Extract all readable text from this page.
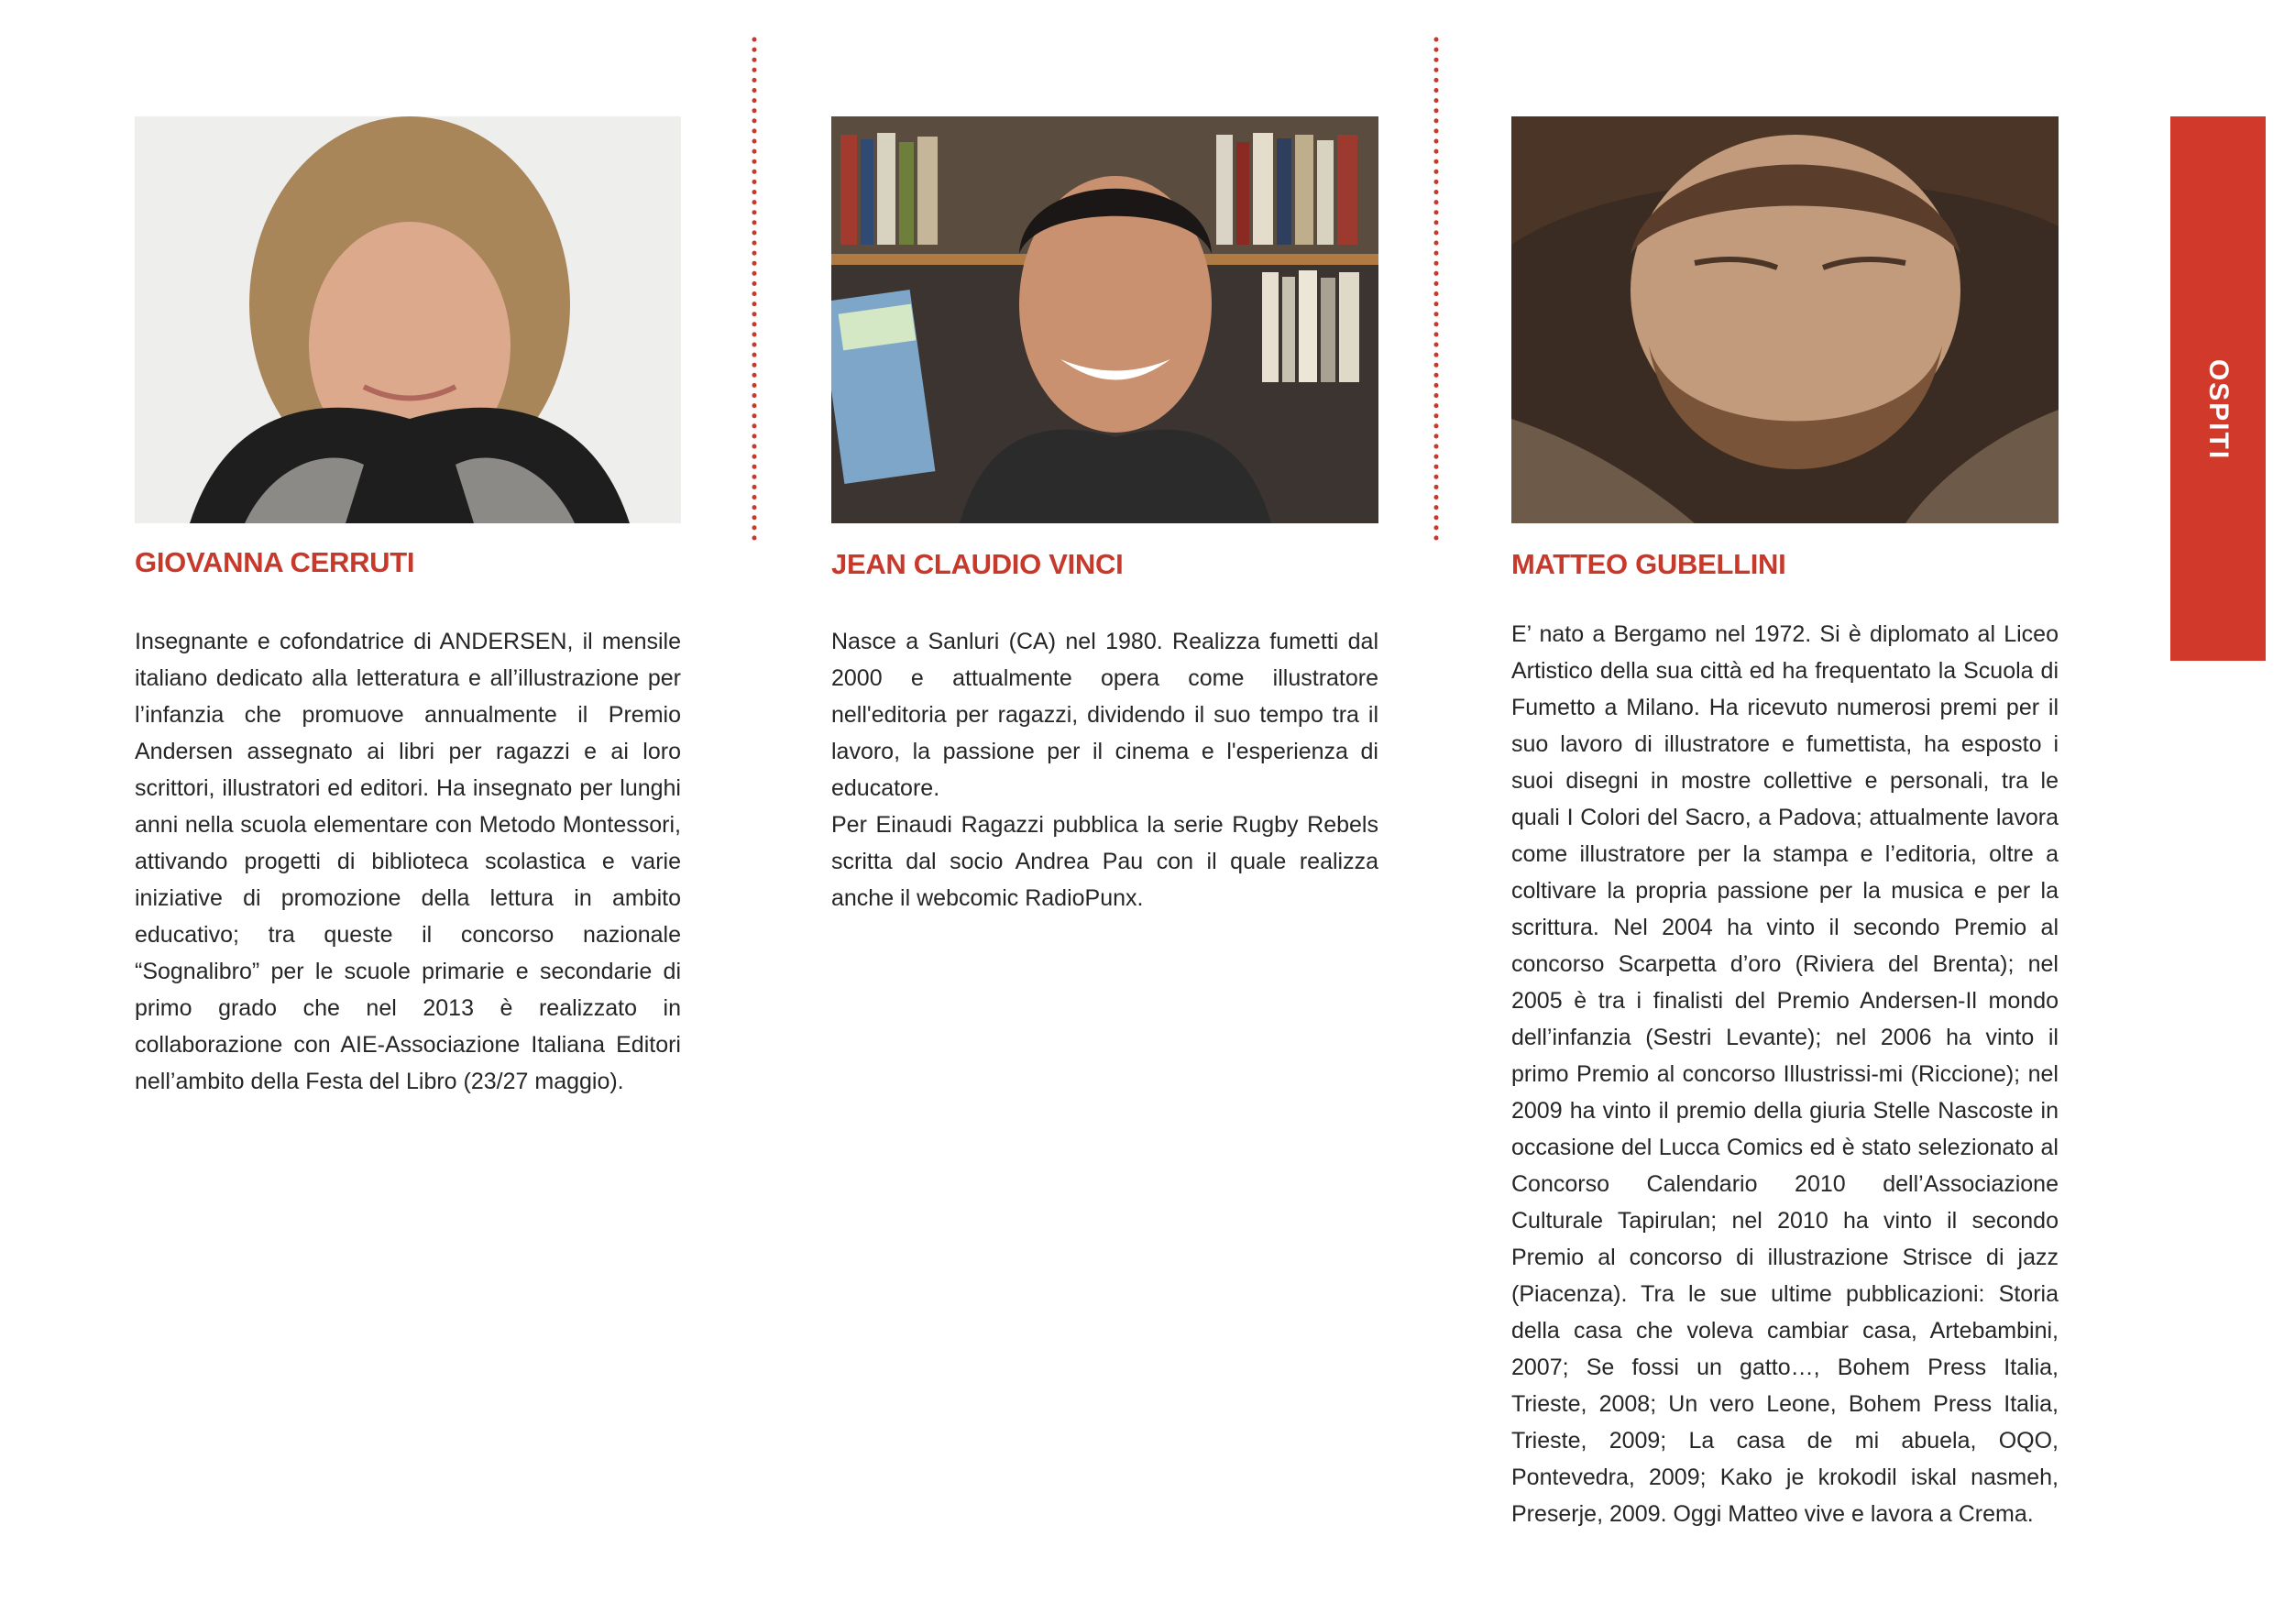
GIOVANNA CERRUTI

Insegnante e cofondatrice di ANDERSEN, il mensile italiano dedicato alla letteratura e all’illustrazione per l’infanzia che promuove annualmente il Premio Andersen assegnato ai libri per ragazzi e ai loro scrittori, illustratori ed editori. Ha insegnato per lunghi anni nella scuola elementare con Metodo Montessori, attivando progetti di biblioteca scolastica e varie iniziative di promozione della lettura in ambito educativo; tra queste il concorso nazionale “Sognalibro” per le scuole primarie e secondarie di primo grado che nel 2013 è realizzato in collaborazione con AIE-Associazione Italiana Editori nell’ambito della Festa del Libro (23/27 maggio).

JEAN CLAUDIO VINCI

Nasce a Sanluri (CA) nel 1980. Realizza fumetti dal 2000 e attualmente opera come illustratore nell'editoria per ragazzi, dividendo il suo tempo tra il lavoro, la passione per il cinema e l'esperienza di educatore.
Per Einaudi Ragazzi pubblica la serie Rugby Rebels scritta dal socio Andrea Pau con il quale realizza anche il webcomic RadioPunx.

MATTEO GUBELLINI

E’ nato a Bergamo nel 1972. Si è diplomato al Liceo Artistico della sua città ed ha frequentato la Scuola di Fumetto a Milano. Ha ricevuto numerosi premi per il suo lavoro di illustratore e fumettista, ha esposto i suoi disegni in mostre collettive e personali, tra le quali I Colori del Sacro, a Padova; attualmente lavora come illustratore per la stampa e l’editoria, oltre a coltivare la propria passione per la musica e per la scrittura. Nel 2004 ha vinto il secondo Premio al concorso Scarpetta d’oro (Riviera del Brenta); nel 2005 è tra i finalisti del Premio Andersen-Il mondo dell’infanzia (Sestri Levante); nel 2006 ha vinto il primo Premio al concorso Illustrissi-mi (Riccione); nel 2009 ha vinto il premio della giuria Stelle Nascoste in occasione del Lucca Comics ed è stato selezionato al Concorso Calendario 2010 dell’Associazione Culturale Tapirulan; nel 2010 ha vinto il secondo Premio al concorso di illustrazione Strisce di jazz (Piacenza). Tra le sue ultime pubblicazioni: Storia della casa che voleva cambiar casa, Artebambini, 2007; Se fossi un gatto…, Bohem Press Italia, Trieste, 2008; Un vero Leone, Bohem Press Italia, Trieste, 2009; La casa de mi abuela, OQO, Pontevedra, 2009; Kako je krokodil iskal nasmeh, Preserje, 2009. Oggi Matteo vive e lavora a Crema.

OSPITI
